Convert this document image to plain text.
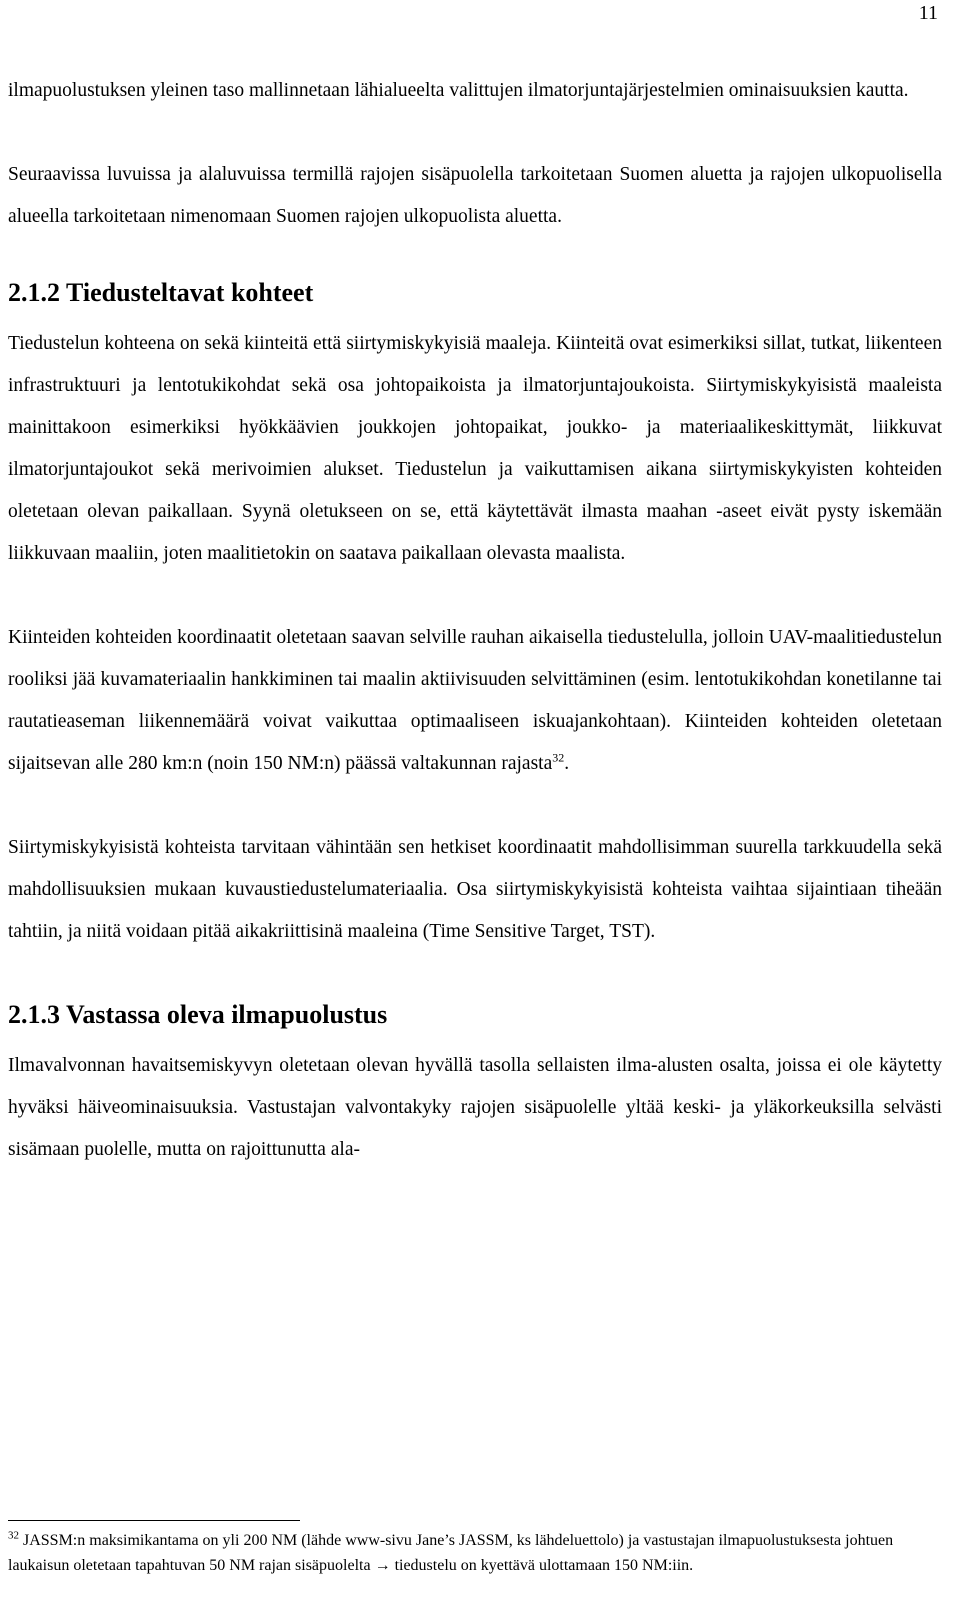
11

ilmapuolustuksen yleinen taso mallinnetaan lähialueelta valittujen ilmatorjuntajärjestelmien ominaisuuksien kautta.

Seuraavissa luvuissa ja alaluvuissa termillä rajojen sisäpuolella tarkoitetaan Suomen aluetta ja rajojen ulkopuolisella alueella tarkoitetaan nimenomaan Suomen rajojen ulkopuolista aluetta.

2.1.2 Tiedusteltavat kohteet

Tiedustelun kohteena on sekä kiinteitä että siirtymiskykyisiä maaleja. Kiinteitä ovat esimerkiksi sillat, tutkat, liikenteen infrastruktuuri ja lentotukikohdat sekä osa johtopaikoista ja ilmatorjuntajoukoista. Siirtymiskykyisistä maaleista mainittakoon esimerkiksi hyökkäävien joukkojen johtopaikat, joukko- ja materiaalikeskittymät, liikkuvat ilmatorjuntajoukot sekä merivoimien alukset. Tiedustelun ja vaikuttamisen aikana siirtymiskykyisten kohteiden oletetaan olevan paikallaan. Syynä oletukseen on se, että käytettävät ilmasta maahan -aseet eivät pysty iskemään liikkuvaan maaliin, joten maalitietokin on saatava paikallaan olevasta maalista.

Kiinteiden kohteiden koordinaatit oletetaan saavan selville rauhan aikaisella tiedustelulla, jolloin UAV-maalitiedustelun rooliksi jää kuvamateriaalin hankkiminen tai maalin aktiivisuuden selvittäminen (esim. lentotukikohdan konetilanne tai rautatieaseman liikennemäärä voivat vaikuttaa optimaaliseen iskuajankohtaan). Kiinteiden kohteiden oletetaan sijaitsevan alle 280 km:n (noin 150 NM:n) päässä valtakunnan rajasta$^{32}$.

Siirtymiskykyisistä kohteista tarvitaan vähintään sen hetkiset koordinaatit mahdollisimman suurella tarkkuudella sekä mahdollisuuksien mukaan kuvaustiedustelumateriaalia. Osa siirtymiskykyisistä kohteista vaihtaa sijaintiaan tiheään tahtiin, ja niitä voidaan pitää aikakriittisinä maaleina (Time Sensitive Target, TST).

2.1.3 Vastassa oleva ilmapuolustus

Ilmavalvonnan havaitsemiskyvyn oletetaan olevan hyvällä tasolla sellaisten ilma-alusten osalta, joissa ei ole käytetty hyväksi häiveominaisuuksia. Vastustajan valvontakyky rajojen sisäpuolelle yltää keski- ja yläkorkeuksilla selvästi sisämaan puolelle, mutta on rajoittunutta ala-

$^{32}$ JASSM:n maksimikantama on yli 200 NM (lähde www-sivu Jane’s JASSM, ks lähdeluettolo) ja vastustajan ilmapuolustuksesta johtuen laukaisun oletetaan tapahtuvan 50 NM rajan sisäpuolelta → tiedustelu on kyettävä ulottamaan 150 NM:iin.
